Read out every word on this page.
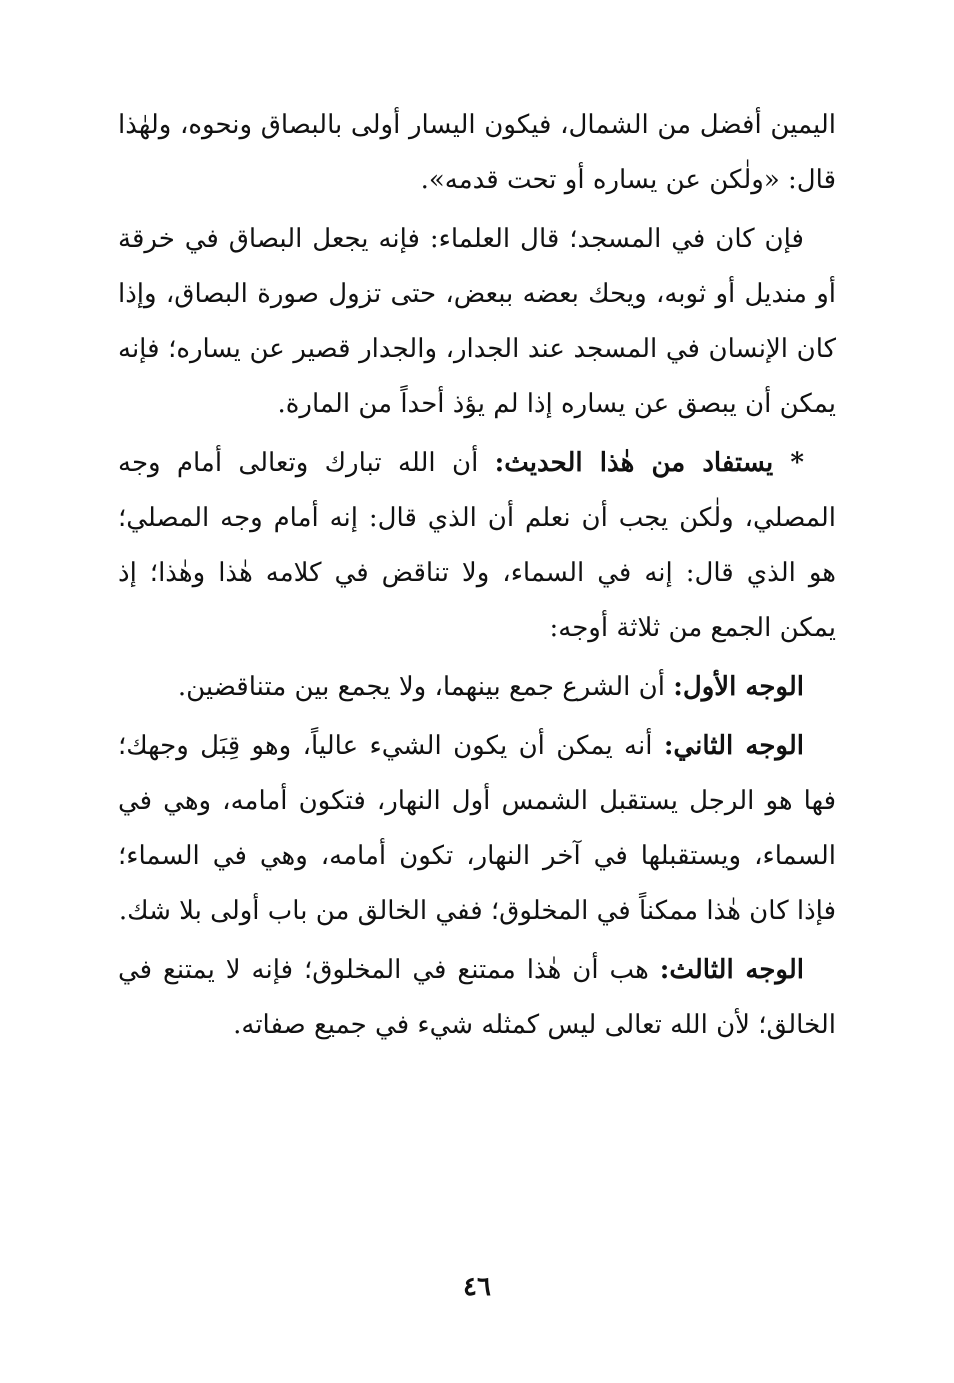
اليمين أفضل من الشمال، فيكون اليسار أولى بالبصاق ونحوه، ولهٰذا قال: «ولٰكن عن يساره أو تحت قدمه».

فإن كان في المسجد؛ قال العلماء: فإنه يجعل البصاق في خرقة أو منديل أو ثوبه، ويحك بعضه ببعض، حتى تزول صورة البصاق، وإذا كان الإنسان في المسجد عند الجدار، والجدار قصير عن يساره؛ فإنه يمكن أن يبصق عن يساره إذا لم يؤذ أحداً من المارة.

* يستفاد من هٰذا الحديث: أن الله تبارك وتعالى أمام وجه المصلي، ولٰكن يجب أن نعلم أن الذي قال: إنه أمام وجه المصلي؛ هو الذي قال: إنه في السماء، ولا تناقض في كلامه هٰذا وهٰذا؛ إذ يمكن الجمع من ثلاثة أوجه:

الوجه الأول: أن الشرع جمع بينهما، ولا يجمع بين متناقضين.

الوجه الثاني: أنه يمكن أن يكون الشيء عالياً، وهو قِبَل وجهك؛ فها هو الرجل يستقبل الشمس أول النهار، فتكون أمامه، وهي في السماء، ويستقبلها في آخر النهار، تكون أمامه، وهي في السماء؛ فإذا كان هٰذا ممكناً في المخلوق؛ ففي الخالق من باب أولى بلا شك.

الوجه الثالث: هب أن هٰذا ممتنع في المخلوق؛ فإنه لا يمتنع في الخالق؛ لأن الله تعالى ليس كمثله شيء في جميع صفاته.

٤٦
